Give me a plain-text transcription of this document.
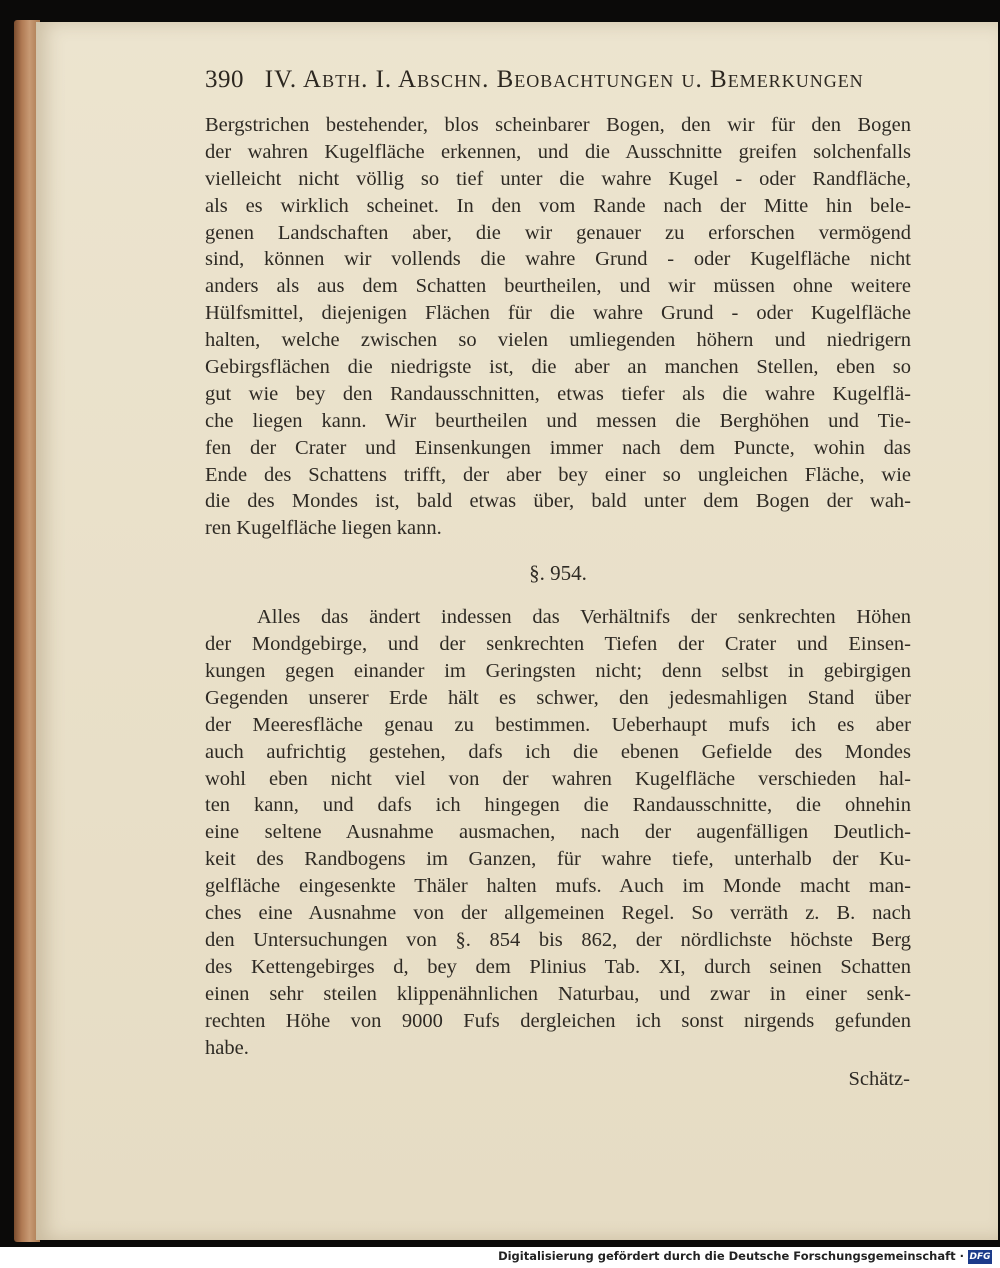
390 IV. Abth. I. Abschn. Beobachtungen u. Bemerkungen
Bergstrichen bestehender, blos scheinbarer Bogen, den wir für den Bogen
der wahren Kugelfläche erkennen, und die Ausschnitte greifen solchenfalls
vielleicht nicht völlig so tief unter die wahre Kugel - oder Randfläche,
als es wirklich scheinet. In den vom Rande nach der Mitte hin bele-
genen Landschaften aber, die wir genauer zu erforschen vermögend
sind, können wir vollends die wahre Grund - oder Kugelfläche nicht
anders als aus dem Schatten beurtheilen, und wir müssen ohne weitere
Hülfsmittel, diejenigen Flächen für die wahre Grund - oder Kugelfläche
halten, welche zwischen so vielen umliegenden höhern und niedrigern
Gebirgsflächen die niedrigste ist, die aber an manchen Stellen, eben so
gut wie bey den Randausschnitten, etwas tiefer als die wahre Kugelflä-
che liegen kann. Wir beurtheilen und messen die Berghöhen und Tie-
fen der Crater und Einsenkungen immer nach dem Puncte, wohin das
Ende des Schattens trifft, der aber bey einer so ungleichen Fläche, wie
die des Mondes ist, bald etwas über, bald unter dem Bogen der wah-
ren Kugelfläche liegen kann.
§. 954.
Alles das ändert indessen das Verhältnifs der senkrechten Höhen
der Mondgebirge, und der senkrechten Tiefen der Crater und Einsen-
kungen gegen einander im Geringsten nicht; denn selbst in gebirgigen
Gegenden unserer Erde hält es schwer, den jedesmahligen Stand über
der Meeresfläche genau zu bestimmen. Ueberhaupt mufs ich es aber
auch aufrichtig gestehen, dafs ich die ebenen Gefielde des Mondes
wohl eben nicht viel von der wahren Kugelfläche verschieden hal-
ten kann, und dafs ich hingegen die Randausschnitte, die ohnehin
eine seltene Ausnahme ausmachen, nach der augenfälligen Deutlich-
keit des Randbogens im Ganzen, für wahre tiefe, unterhalb der Ku-
gelfläche eingesenkte Thäler halten mufs. Auch im Monde macht man-
ches eine Ausnahme von der allgemeinen Regel. So verräth z. B. nach
den Untersuchungen von §. 854 bis 862, der nördlichste höchste Berg
des Kettengebirges d, bey dem Plinius Tab. XI, durch seinen Schatten
einen sehr steilen klippenähnlichen Naturbau, und zwar in einer senk-
rechten Höhe von 9000 Fufs dergleichen ich sonst nirgends gefunden
habe.
Schätz-
Digitalisierung gefördert durch die Deutsche Forschungsgemeinschaft · DFG
